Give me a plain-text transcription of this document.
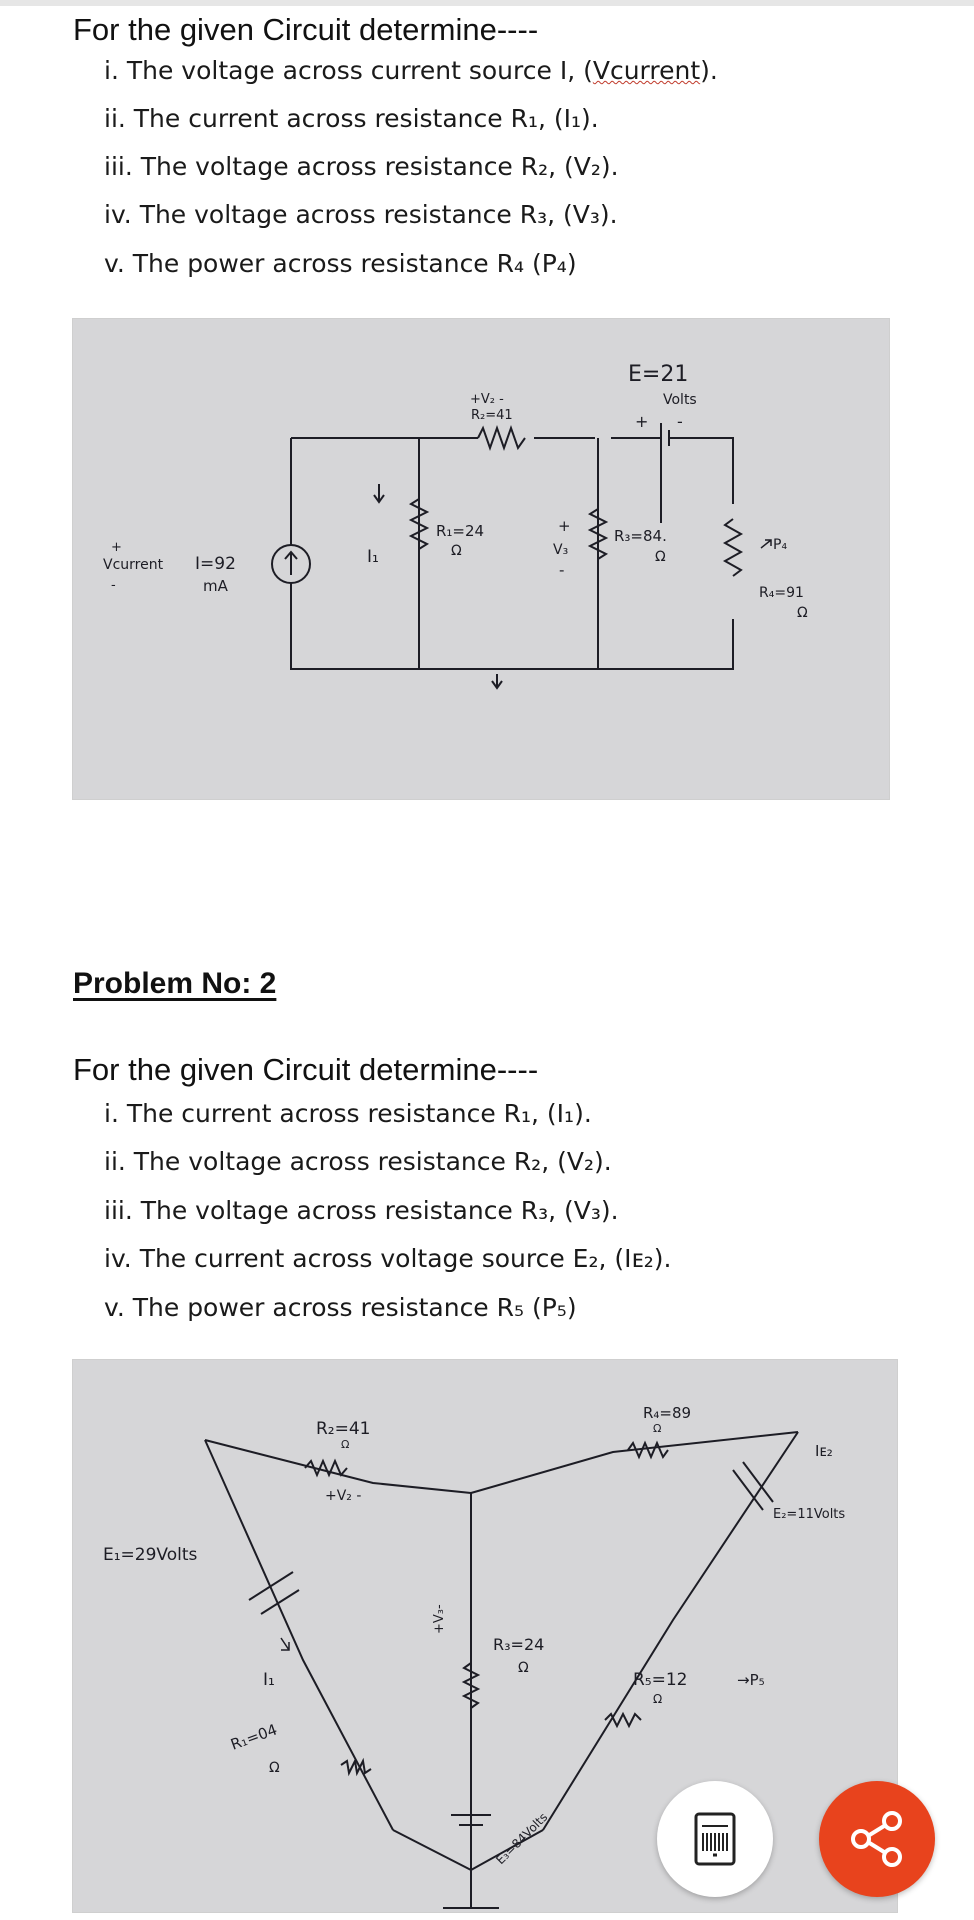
For the given Circuit determine----
i. The voltage across current source I, (Vcurrent).
ii. The current across resistance R₁, (I₁).
iii. The voltage across resistance R₂, (V₂).
iv. The voltage across resistance R₃, (V₃).
v. The power across resistance R₄ (P₄)
E=21
Volts
+ -
+V₂ -
R₂=41
R₁=24
Ω
I₁
+
V₃
-
R₃=84.
Ω
P₄
R₄=91
Ω
+
Vcurrent
-
I=92
mA
Problem No: 2
For the given Circuit determine----
i. The current across resistance R₁, (I₁).
ii. The voltage across resistance R₂, (V₂).
iii. The voltage across resistance R₃, (V₃).
iv. The current across voltage source E₂, (Iᴇ₂).
v. The power across resistance R₅ (P₅)
R₂=41
Ω
+V₂ -
R₄=89
Ω
Iᴇ₂
E₂=11Volts
E₁=29Volts
+V₃-
R₃=24
Ω
I₁
E₃=84Volts
R₅=12
Ω
→P₅
R₁=04
Ω
